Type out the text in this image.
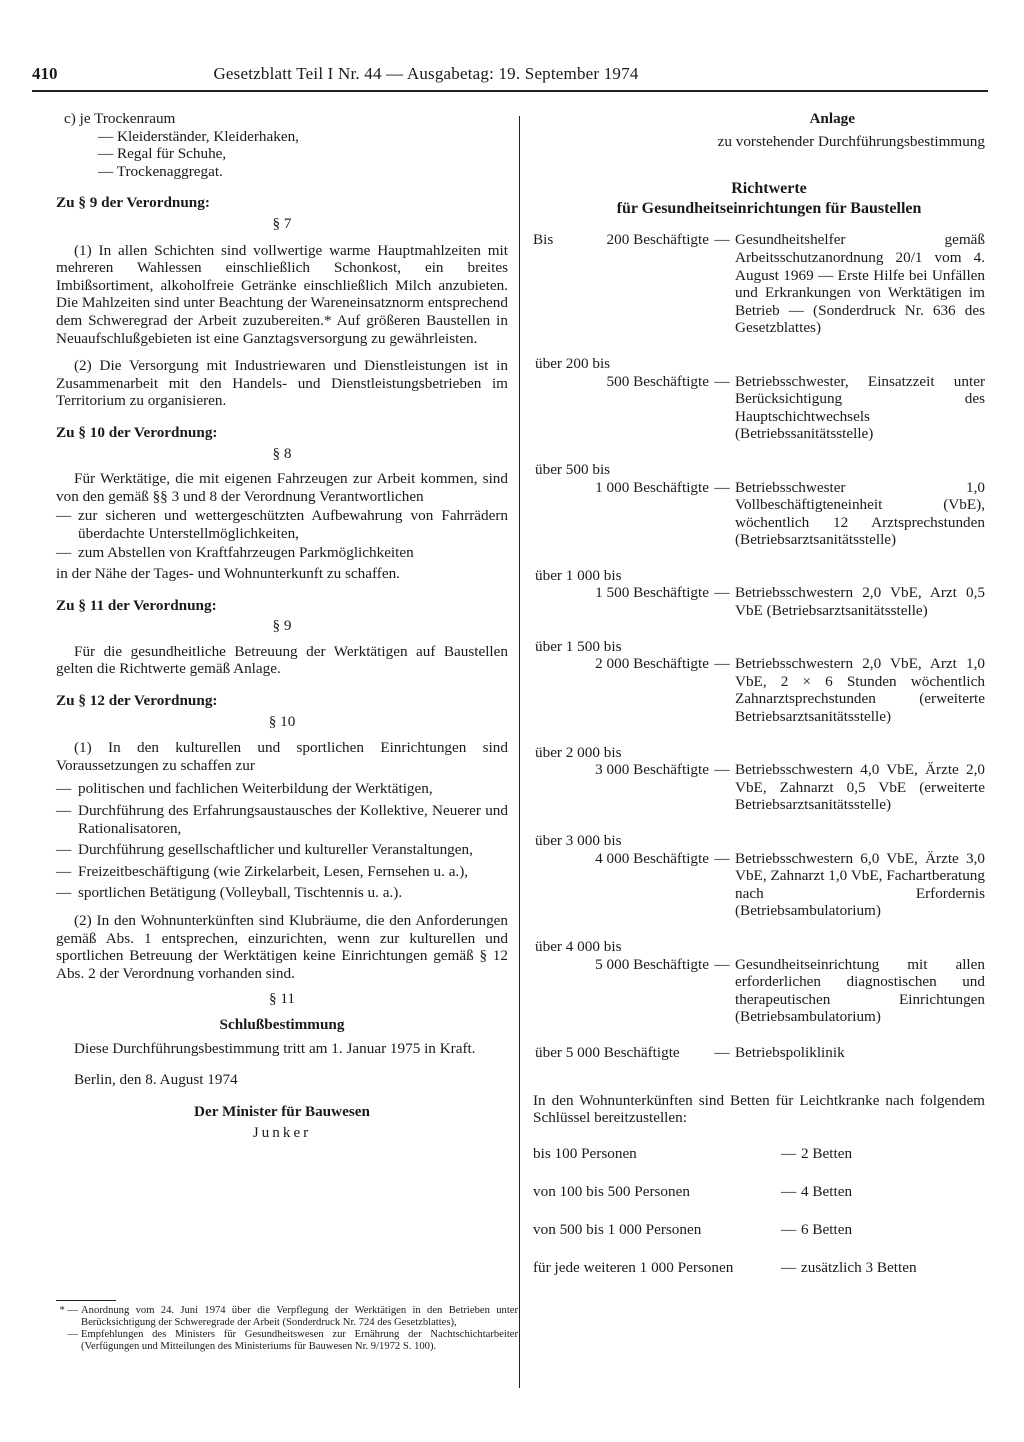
410	Gesetzblatt Teil I Nr. 44 — Ausgabetag: 19. September 1974
c) je Trockenraum
— Kleiderständer, Kleiderhaken,
— Regal für Schuhe,
— Trockenaggregat.

Zu § 9 der Verordnung:

§ 7

(1) In allen Schichten sind vollwertige warme Hauptmahlzeiten mit mehreren Wahlessen einschließlich Schonkost, ein breites Imbißsortiment, alkoholfreie Getränke einschließlich Milch anzubieten. Die Mahlzeiten sind unter Beachtung der Wareneinsatznorm entsprechend dem Schweregrad der Arbeit zuzubereiten.* Auf größeren Baustellen in Neuaufschlußgebieten ist eine Ganztagsversorgung zu gewährleisten.

(2) Die Versorgung mit Industriewaren und Dienstleistungen ist in Zusammenarbeit mit den Handels- und Dienstleistungsbetrieben im Territorium zu organisieren.

Zu § 10 der Verordnung:

§ 8

Für Werktätige, die mit eigenen Fahrzeugen zur Arbeit kommen, sind von den gemäß §§ 3 und 8 der Verordnung Verantwortlichen

— zur sicheren und wettergeschützten Aufbewahrung von Fahrrädern überdachte Unterstellmöglichkeiten,
— zum Abstellen von Kraftfahrzeugen Parkmöglichkeiten

in der Nähe der Tages- und Wohnunterkunft zu schaffen.

Zu § 11 der Verordnung:

§ 9

Für die gesundheitliche Betreuung der Werktätigen auf Baustellen gelten die Richtwerte gemäß Anlage.

Zu § 12 der Verordnung:

§ 10

(1) In den kulturellen und sportlichen Einrichtungen sind Voraussetzungen zu schaffen zur

— politischen und fachlichen Weiterbildung der Werktätigen,
— Durchführung des Erfahrungsaustausches der Kollektive, Neuerer und Rationalisatoren,
— Durchführung gesellschaftlicher und kultureller Veranstaltungen,
— Freizeitbeschäftigung (wie Zirkelarbeit, Lesen, Fernsehen u. a.),
— sportlichen Betätigung (Volleyball, Tischtennis u. a.).

(2) In den Wohnunterkünften sind Klubräume, die den Anforderungen gemäß Abs. 1 entsprechen, einzurichten, wenn zur kulturellen und sportlichen Betreuung der Werktätigen keine Einrichtungen gemäß § 12 Abs. 2 der Verordnung vorhanden sind.

§ 11

Schlußbestimmung

Diese Durchführungsbestimmung tritt am 1. Januar 1975 in Kraft.

Berlin, den 8. August 1974

Der Minister für Bauwesen

Junker

* — Anordnung vom 24. Juni 1974 über die Verpflegung der Werktätigen in den Betrieben unter Berücksichtigung der Schweregrade der Arbeit (Sonderdruck Nr. 724 des Gesetzblattes),
— Empfehlungen des Ministers für Gesundheitswesen zur Ernährung der Nachtschichtarbeiter (Verfügungen und Mitteilungen des Ministeriums für Bauwesen Nr. 9/1972 S. 100).

Anlage

zu vorstehender Durchführungsbestimmung

Richtwerte

für Gesundheitseinrichtungen für Baustellen

Bis	200 Beschäftigte — Gesundheitshelfer gemäß Arbeitsschutzanordnung 20/1 vom 4. August 1969 — Erste Hilfe bei Unfällen und Erkrankungen von Werktätigen im Betrieb — (Sonderdruck Nr. 636 des Gesetzblattes)
über 200 bis
500 Beschäftigte — Betriebsschwester, Einsatzzeit unter Berücksichtigung des Hauptschichtwechsels (Betriebssanitätsstelle)
über 500 bis
1 000 Beschäftigte — Betriebsschwester 1,0 Vollbeschäftigteneinheit (VbE), wöchentlich 12 Arztsprechstunden (Betriebsarztsanitätsstelle)
über 1 000 bis
1 500 Beschäftigte — Betriebsschwestern 2,0 VbE, Arzt 0,5 VbE (Betriebsarztsanitätsstelle)
über 1 500 bis
2 000 Beschäftigte — Betriebsschwestern 2,0 VbE, Arzt 1,0 VbE, 2 × 6 Stunden wöchentlich Zahnarztsprechstunden (erweiterte Betriebsarztsanitätsstelle)
über 2 000 bis
3 000 Beschäftigte — Betriebsschwestern 4,0 VbE, Ärzte 2,0 VbE, Zahnarzt 0,5 VbE (erweiterte Betriebsarztsanitätsstelle)
über 3 000 bis
4 000 Beschäftigte — Betriebsschwestern 6,0 VbE, Ärzte 3,0 VbE, Zahnarzt 1,0 VbE, Fachartberatung nach Erfordernis (Betriebsambulatorium)
über 4 000 bis
5 000 Beschäftigte — Gesundheitseinrichtung mit allen erforderlichen diagnostischen und therapeutischen Einrichtungen (Betriebsambulatorium)
über 5 000 Beschäftigte	— Betriebspoliklinik

In den Wohnunterkünften sind Betten für Leichtkranke nach folgendem Schlüssel bereitzustellen:

bis 100 Personen	— 2 Betten
von 100 bis 500 Personen	— 4 Betten
von 500 bis 1 000 Personen	— 6 Betten
für jede weiteren 1 000 Personen	— zusätzlich 3 Betten
